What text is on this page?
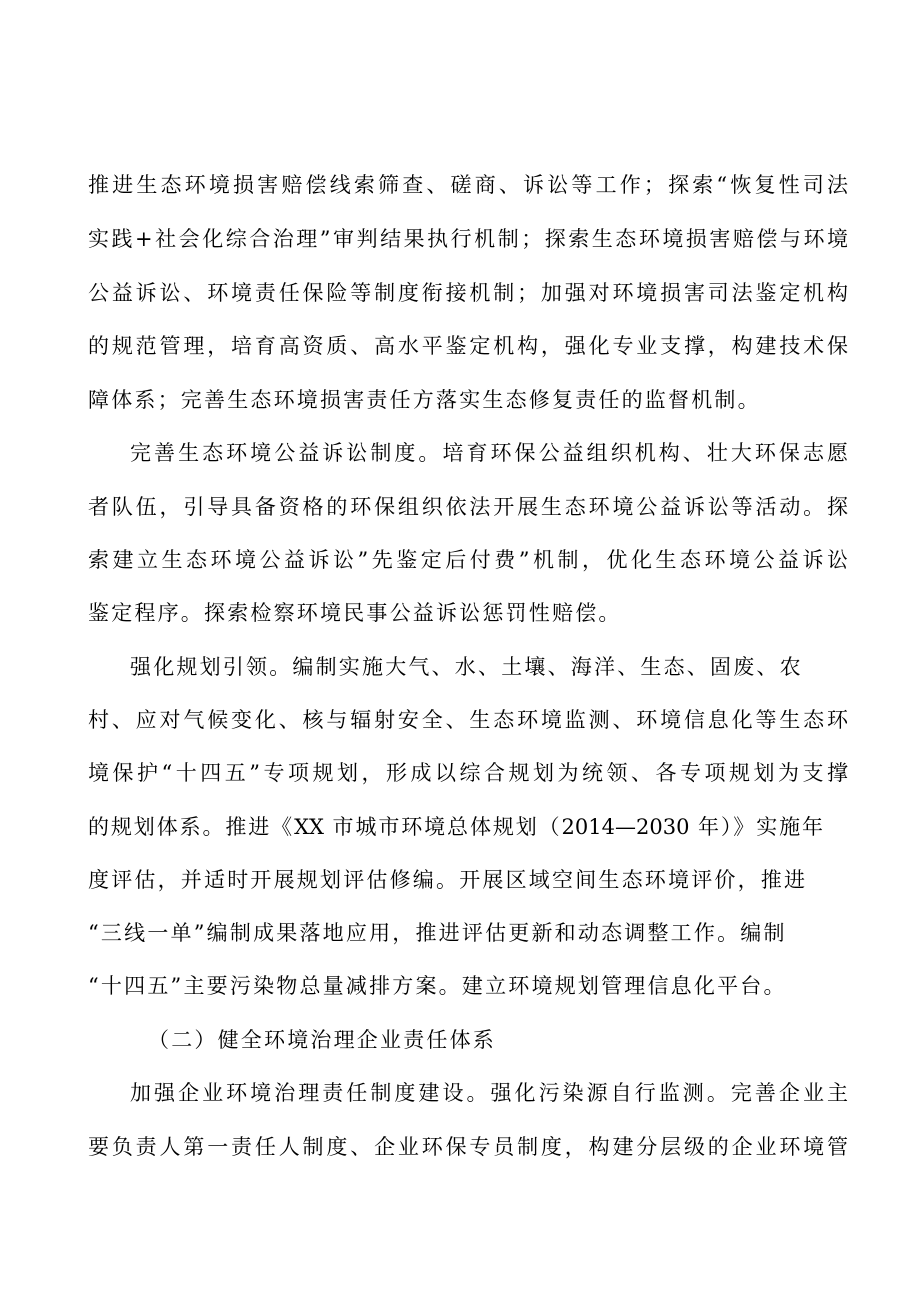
推进生态环境损害赔偿线索筛查、磋商、诉讼等工作；探索“恢复性司法
实践+社会化综合治理”审判结果执行机制；探索生态环境损害赔偿与环境
公益诉讼、环境责任保险等制度衔接机制；加强对环境损害司法鉴定机构
的规范管理，培育高资质、高水平鉴定机构，强化专业支撑，构建技术保
障体系；完善生态环境损害责任方落实生态修复责任的监督机制。
完善生态环境公益诉讼制度。培育环保公益组织机构、壮大环保志愿
者队伍，引导具备资格的环保组织依法开展生态环境公益诉讼等活动。探
索建立生态环境公益诉讼”先鉴定后付费”机制，优化生态环境公益诉讼
鉴定程序。探索检察环境民事公益诉讼惩罚性赔偿。
强化规划引领。编制实施大气、水、土壤、海洋、生态、固废、农
村、应对气候变化、核与辐射安全、生态环境监测、环境信息化等生态环
境保护“十四五”专项规划，形成以综合规划为统领、各专项规划为支撑
的规划体系。推进《XX 市城市环境总体规划（2014—2030 年）》实施年
度评估，并适时开展规划评估修编。开展区域空间生态环境评价，推进
“三线一单”编制成果落地应用，推进评估更新和动态调整工作。编制
“十四五”主要污染物总量减排方案。建立环境规划管理信息化平台。
（二）健全环境治理企业责任体系
加强企业环境治理责任制度建设。强化污染源自行监测。完善企业主
要负责人第一责任人制度、企业环保专员制度，构建分层级的企业环境管
